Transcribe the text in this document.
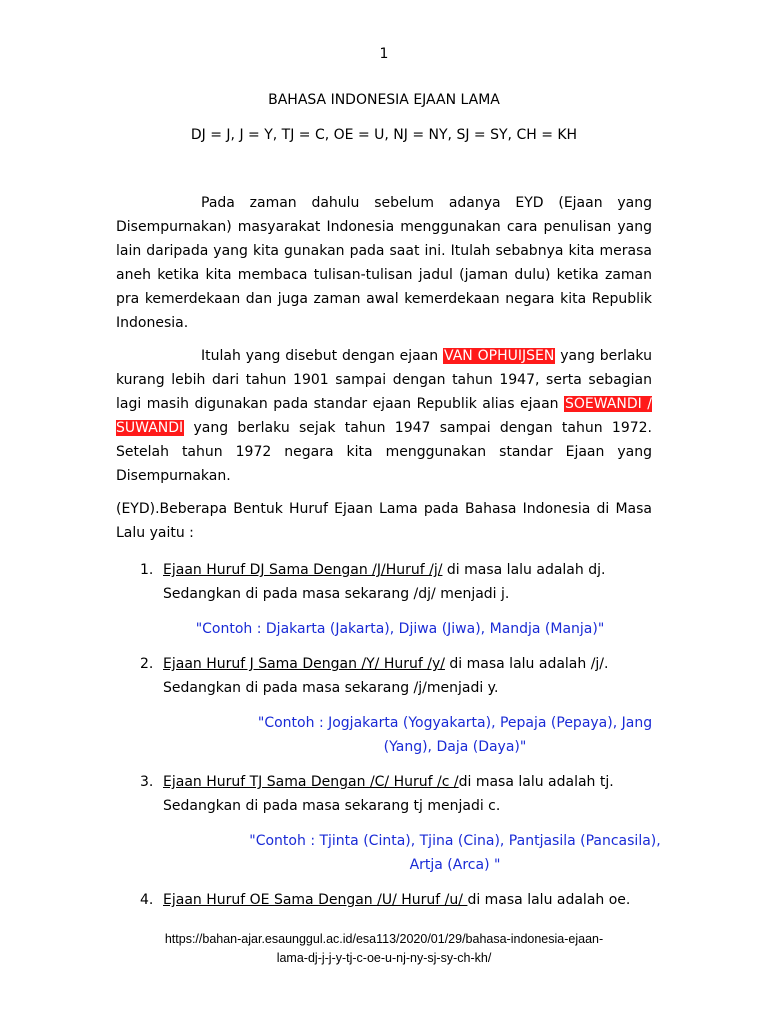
1
BAHASA INDONESIA EJAAN LAMA
DJ = J, J = Y, TJ = C, OE = U, NJ = NY, SJ = SY, CH = KH
Pada zaman dahulu sebelum adanya EYD (Ejaan yang Disempurnakan) masyarakat Indonesia menggunakan cara penulisan yang lain daripada yang kita gunakan pada saat ini. Itulah sebabnya kita merasa aneh ketika kita membaca tulisan-tulisan jadul (jaman dulu) ketika zaman pra kemerdekaan dan juga zaman awal kemerdekaan negara kita Republik Indonesia.
Itulah yang disebut dengan ejaan VAN OPHUIJSEN yang berlaku kurang lebih dari tahun 1901 sampai dengan tahun 1947, serta sebagian lagi masih digunakan pada standar ejaan Republik alias ejaan SOEWANDI / SUWANDI yang berlaku sejak tahun 1947 sampai dengan tahun 1972. Setelah tahun 1972 negara kita menggunakan standar Ejaan yang Disempurnakan.
(EYD).Beberapa Bentuk Huruf Ejaan Lama pada Bahasa Indonesia di Masa Lalu yaitu :
1. Ejaan Huruf DJ Sama Dengan /J/Huruf /j/ di masa lalu adalah dj.
Sedangkan di pada masa sekarang /dj/ menjadi j.
"Contoh : Djakarta (Jakarta), Djiwa (Jiwa), Mandja (Manja)"
2. Ejaan Huruf J Sama Dengan /Y/ Huruf /y/ di masa lalu adalah /j/.
Sedangkan di pada masa sekarang /j/menjadi y.
"Contoh : Jogjakarta (Yogyakarta), Pepaja (Pepaya), Jang
(Yang), Daja (Daya)"
3. Ejaan Huruf TJ Sama Dengan /C/ Huruf /c /di masa lalu adalah tj.
Sedangkan di pada masa sekarang tj menjadi c.
"Contoh : Tjinta (Cinta), Tjina (Cina), Pantjasila (Pancasila),
Artja (Arca) "
4. Ejaan Huruf OE Sama Dengan /U/ Huruf /u/ di masa lalu adalah oe.
https://bahan-ajar.esaunggul.ac.id/esa113/2020/01/29/bahasa-indonesia-ejaan-
lama-dj-j-j-y-tj-c-oe-u-nj-ny-sj-sy-ch-kh/
